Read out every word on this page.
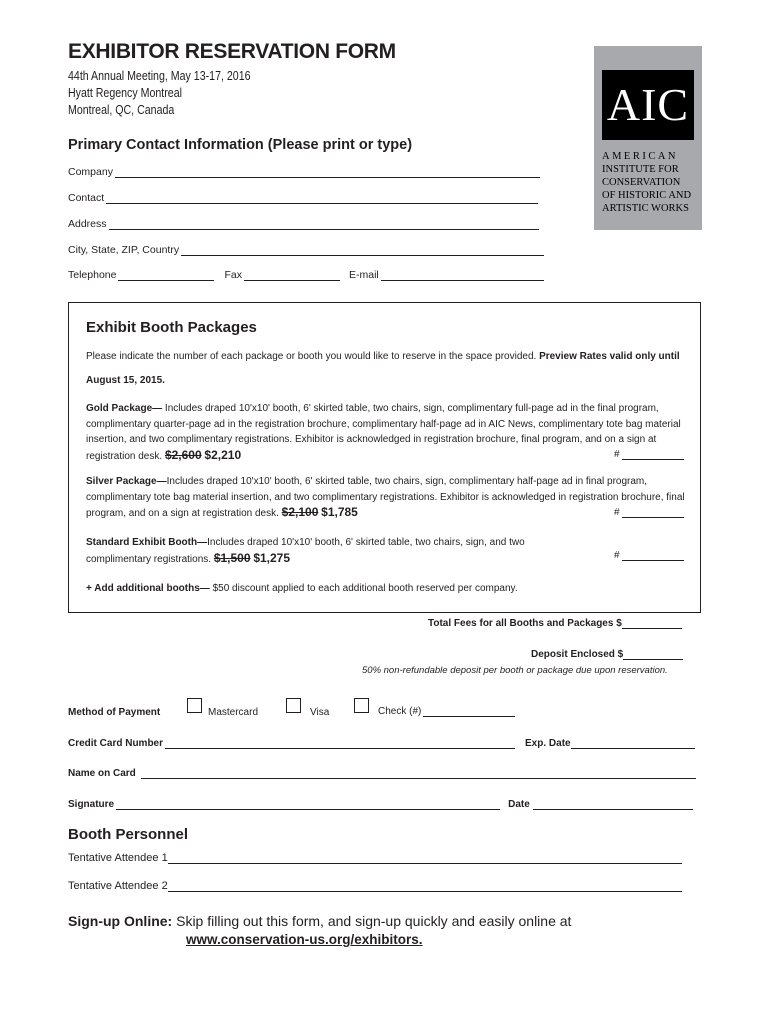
EXHIBITOR RESERVATION FORM
44th Annual Meeting, May 13-17, 2016
Hyatt Regency Montreal
Montreal, QC, Canada	AIC
AMERICAN
INSTITUTE FOR
CONSERVATION
OF HISTORIC AND
ARTISTIC WORKS
Primary Contact Information (Please print or type)
Company
Contact
Address
City, State, ZIP, Country
Telephone	Fax	E-mail
Exhibit Booth Packages
Please indicate the number of each package or booth you would like to reserve in the space provided. Preview Rates valid only until August 15, 2015.
Gold Package— Includes draped 10'x10' booth, 6' skirted table, two chairs, sign, complimentary full-page ad in the final program, complimentary quarter-page ad in the registration brochure, complimentary half-page ad in AIC News, complimentary tote bag material insertion, and two complimentary registrations. Exhibitor is acknowledged in registration brochure, final program, and on a sign at registration desk. $2,600 $2,210	#
Silver Package—Includes draped 10'x10' booth, 6' skirted table, two chairs, sign, complimentary half-page ad in final program, complimentary tote bag material insertion, and two complimentary registrations. Exhibitor is acknowledged in registration brochure, final program, and on a sign at registration desk. $2,100 $1,785	#
Standard Exhibit Booth—Includes draped 10'x10' booth, 6' skirted table, two chairs, sign, and two complimentary registrations. $1,500 $1,275	#
+ Add additional booths— $50 discount applied to each additional booth reserved per company.
Total Fees for all Booths and Packages $
Deposit Enclosed $
50% non-refundable deposit per booth or package due upon reservation.
Method of Payment	Mastercard	Visa	Check (#)
Credit Card Number	Exp. Date
Name on Card
Signature	Date
Booth Personnel
Tentative Attendee 1
Tentative Attendee 2
Sign-up Online: Skip filling out this form, and sign-up quickly and easily online at
www.conservation-us.org/exhibitors.
